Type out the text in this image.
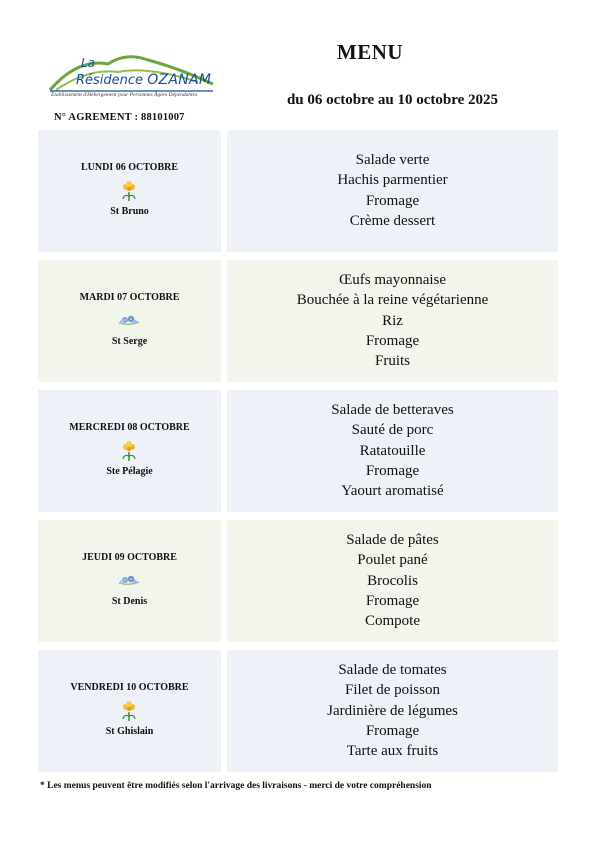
La
Résidence OZANAM
Établissement d'Hébergement pour Personnes Âgées Dépendantes
N° AGREMENT : 88101007
MENU
du 06 octobre au 10 octobre 2025
LUNDI 06 OCTOBRE
St Bruno
Salade verte
Hachis parmentier
Fromage
Crème dessert
MARDI 07 OCTOBRE
St Serge
Œufs mayonnaise
Bouchée à la reine végétarienne
Riz
Fromage
Fruits
MERCREDI 08 OCTOBRE
Ste Pélagie
Salade de betteraves
Sauté de porc
Ratatouille
Fromage
Yaourt aromatisé
JEUDI 09 OCTOBRE
St Denis
Salade de pâtes
Poulet pané
Brocolis
Fromage
Compote
VENDREDI 10 OCTOBRE
St Ghislain
Salade de tomates
Filet de poisson
Jardinière de légumes
Fromage
Tarte aux fruits
* Les menus peuvent être modifiés selon l'arrivage des livraisons - merci de votre compréhension
